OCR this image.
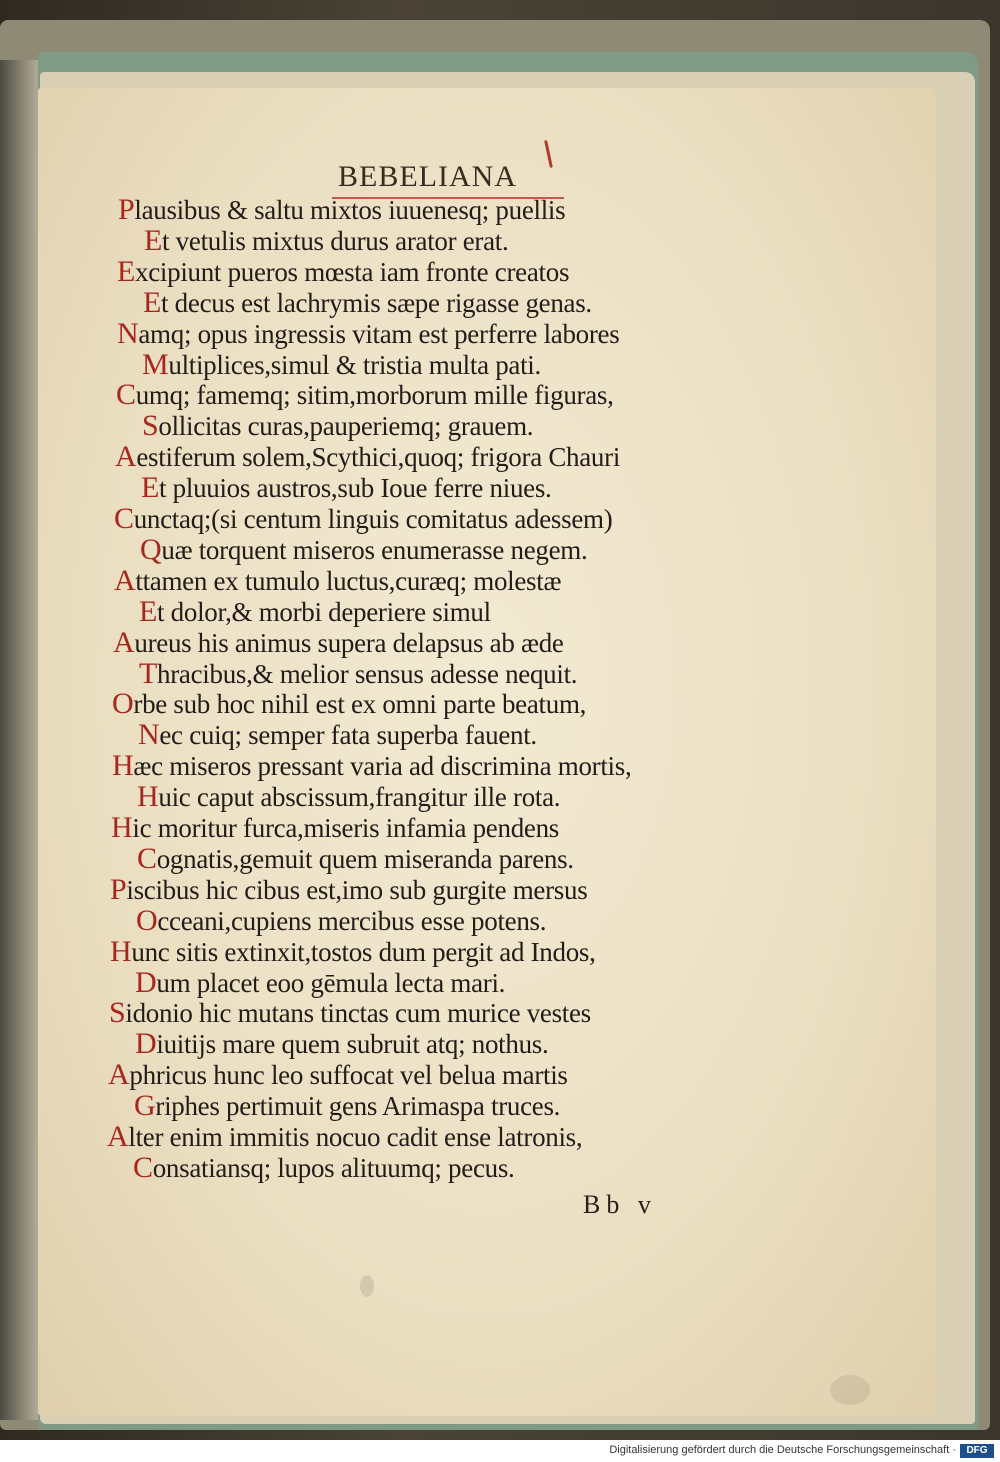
BEBELIANA
Plausibus & saltu mixtos iuuenesq; puellis
Et vetulis mixtus durus arator erat.
Excipiunt pueros mœsta iam fronte creatos
Et decus est lachrymis sæpe rigasse genas.
Namq; opus ingressis vitam est perferre labores
Multiplices,simul & tristia multa pati.
Cumq; famemq; sitim,morborum mille figuras,
Sollicitas curas,pauperiemq; grauem.
Aestiferum solem,Scythici,quoq; frigora Chauri
Et pluuios austros,sub Ioue ferre niues.
Cunctaq;(si centum linguis comitatus adessem)
Quæ torquent miseros enumerasse negem.
Attamen ex tumulo luctus,curæq; molestæ
Et dolor,& morbi deperiere simul
Aureus his animus supera delapsus ab æde
Thracibus,& melior sensus adesse nequit.
Orbe sub hoc nihil est ex omni parte beatum,
Nec cuiq; semper fata superba fauent.
Hæc miseros pressant varia ad discrimina mortis,
Huic caput abscissum,frangitur ille rota.
Hic moritur furca,miseris infamia pendens
Cognatis,gemuit quem miseranda parens.
Piscibus hic cibus est,imo sub gurgite mersus
Occeani,cupiens mercibus esse potens.
Hunc sitis extinxit,tostos dum pergit ad Indos,
Dum placet eoo gēmula lecta mari.
Sidonio hic mutans tinctas cum murice vestes
Diuitijs mare quem subruit atq; nothus.
Aphricus hunc leo suffocat vel belua martis
Griphes pertimuit gens Arimaspa truces.
Alter enim immitis nocuo cadit ense latronis,
Consatiansq; lupos alituumq; pecus.
Bb v
Digitalisierung gefördert durch die Deutsche Forschungsgemeinschaft ·	DFG
